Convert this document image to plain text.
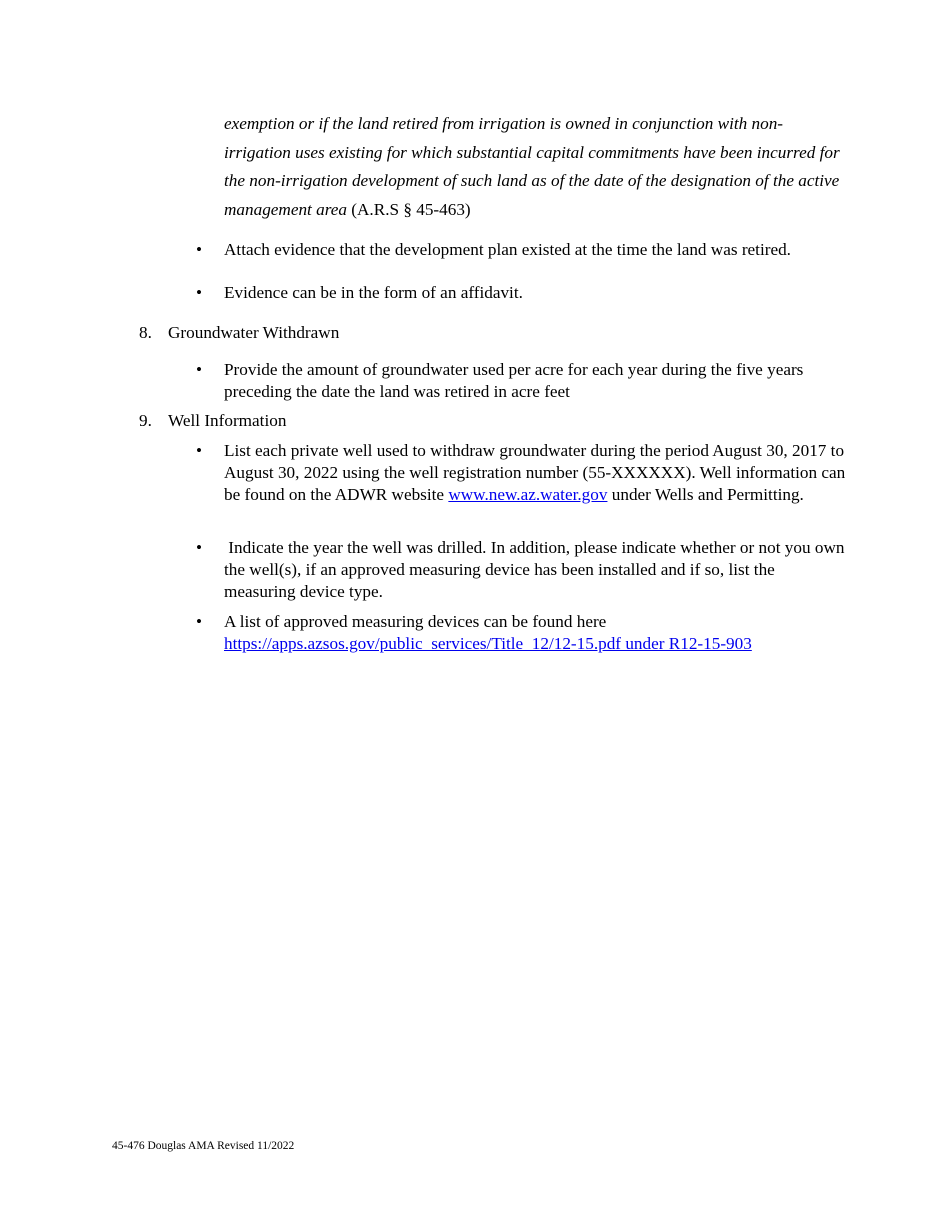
exemption or if the land retired from irrigation is owned in conjunction with non-irrigation uses existing for which substantial capital commitments have been incurred for the non-irrigation development of such land as of the date of the designation of the active management area (A.R.S § 45-463)

•	Attach evidence that the development plan existed at the time the land was retired.
•	Evidence can be in the form of an affidavit.
8. Groundwater Withdrawn
•	Provide the amount of groundwater used per acre for each year during the five years preceding the date the land was retired in acre feet
9. Well Information
•	List each private well used to withdraw groundwater during the period August 30, 2017 to August 30, 2022 using the well registration number (55-XXXXXX). Well information can be found on the ADWR website www.new.az.water.gov under Wells and Permitting.
•	Indicate the year the well was drilled. In addition, please indicate whether or not you own the well(s), if an approved measuring device has been installed and if so, list the measuring device type.
•	A list of approved measuring devices can be found here https://apps.azsos.gov/public_services/Title_12/12-15.pdf under R12-15-903
45-476 Douglas AMA Revised 11/2022
